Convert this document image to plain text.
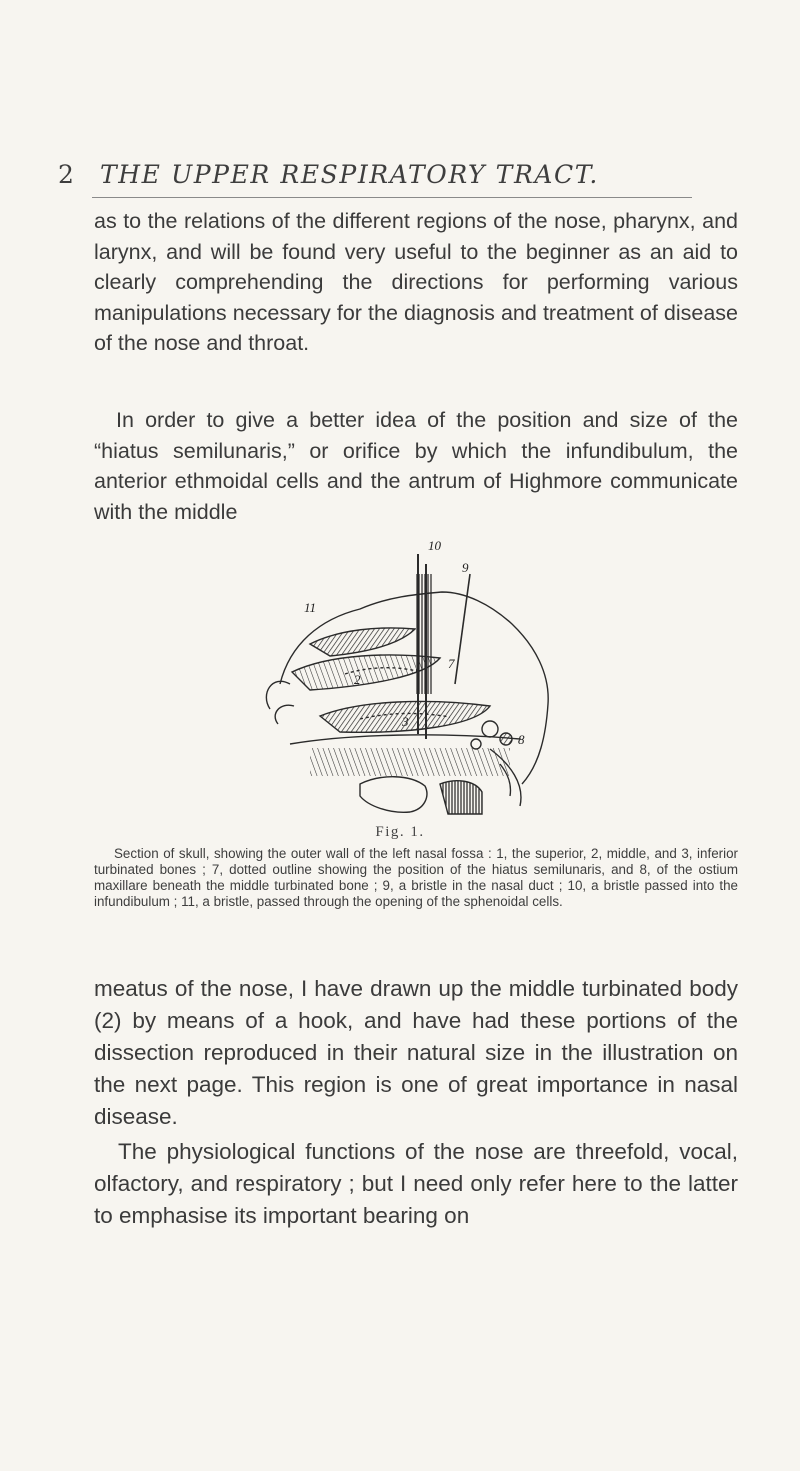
2 THE UPPER RESPIRATORY TRACT.

as to the relations of the different regions of the nose, pharynx, and larynx, and will be found very useful to the beginner as an aid to clearly comprehending the directions for performing various manipulations necessary for the diagnosis and treatment of disease of the nose and throat.

In order to give a better idea of the position and size of the “hiatus semilunaris,” or orifice by which the infundibulum, the anterior ethmoidal cells and the antrum of Highmore communicate with the middle

10
9
2
3
7
11
8
Fig. 1.

Section of skull, showing the outer wall of the left nasal fossa : 1, the superior, 2, middle, and 3, inferior turbinated bones ; 7, dotted outline showing the position of the hiatus semilunaris, and 8, of the ostium maxillare beneath the middle turbinated bone ; 9, a bristle in the nasal duct ; 10, a bristle passed into the infundibulum ; 11, a bristle, passed through the opening of the sphenoidal cells.

meatus of the nose, I have drawn up the middle turbinated body (2) by means of a hook, and have had these portions of the dissection reproduced in their natural size in the illustration on the next page. This region is one of great importance in nasal disease.

The physiological functions of the nose are threefold, vocal, olfactory, and respiratory ; but I need only refer here to the latter to emphasise its important bearing on
